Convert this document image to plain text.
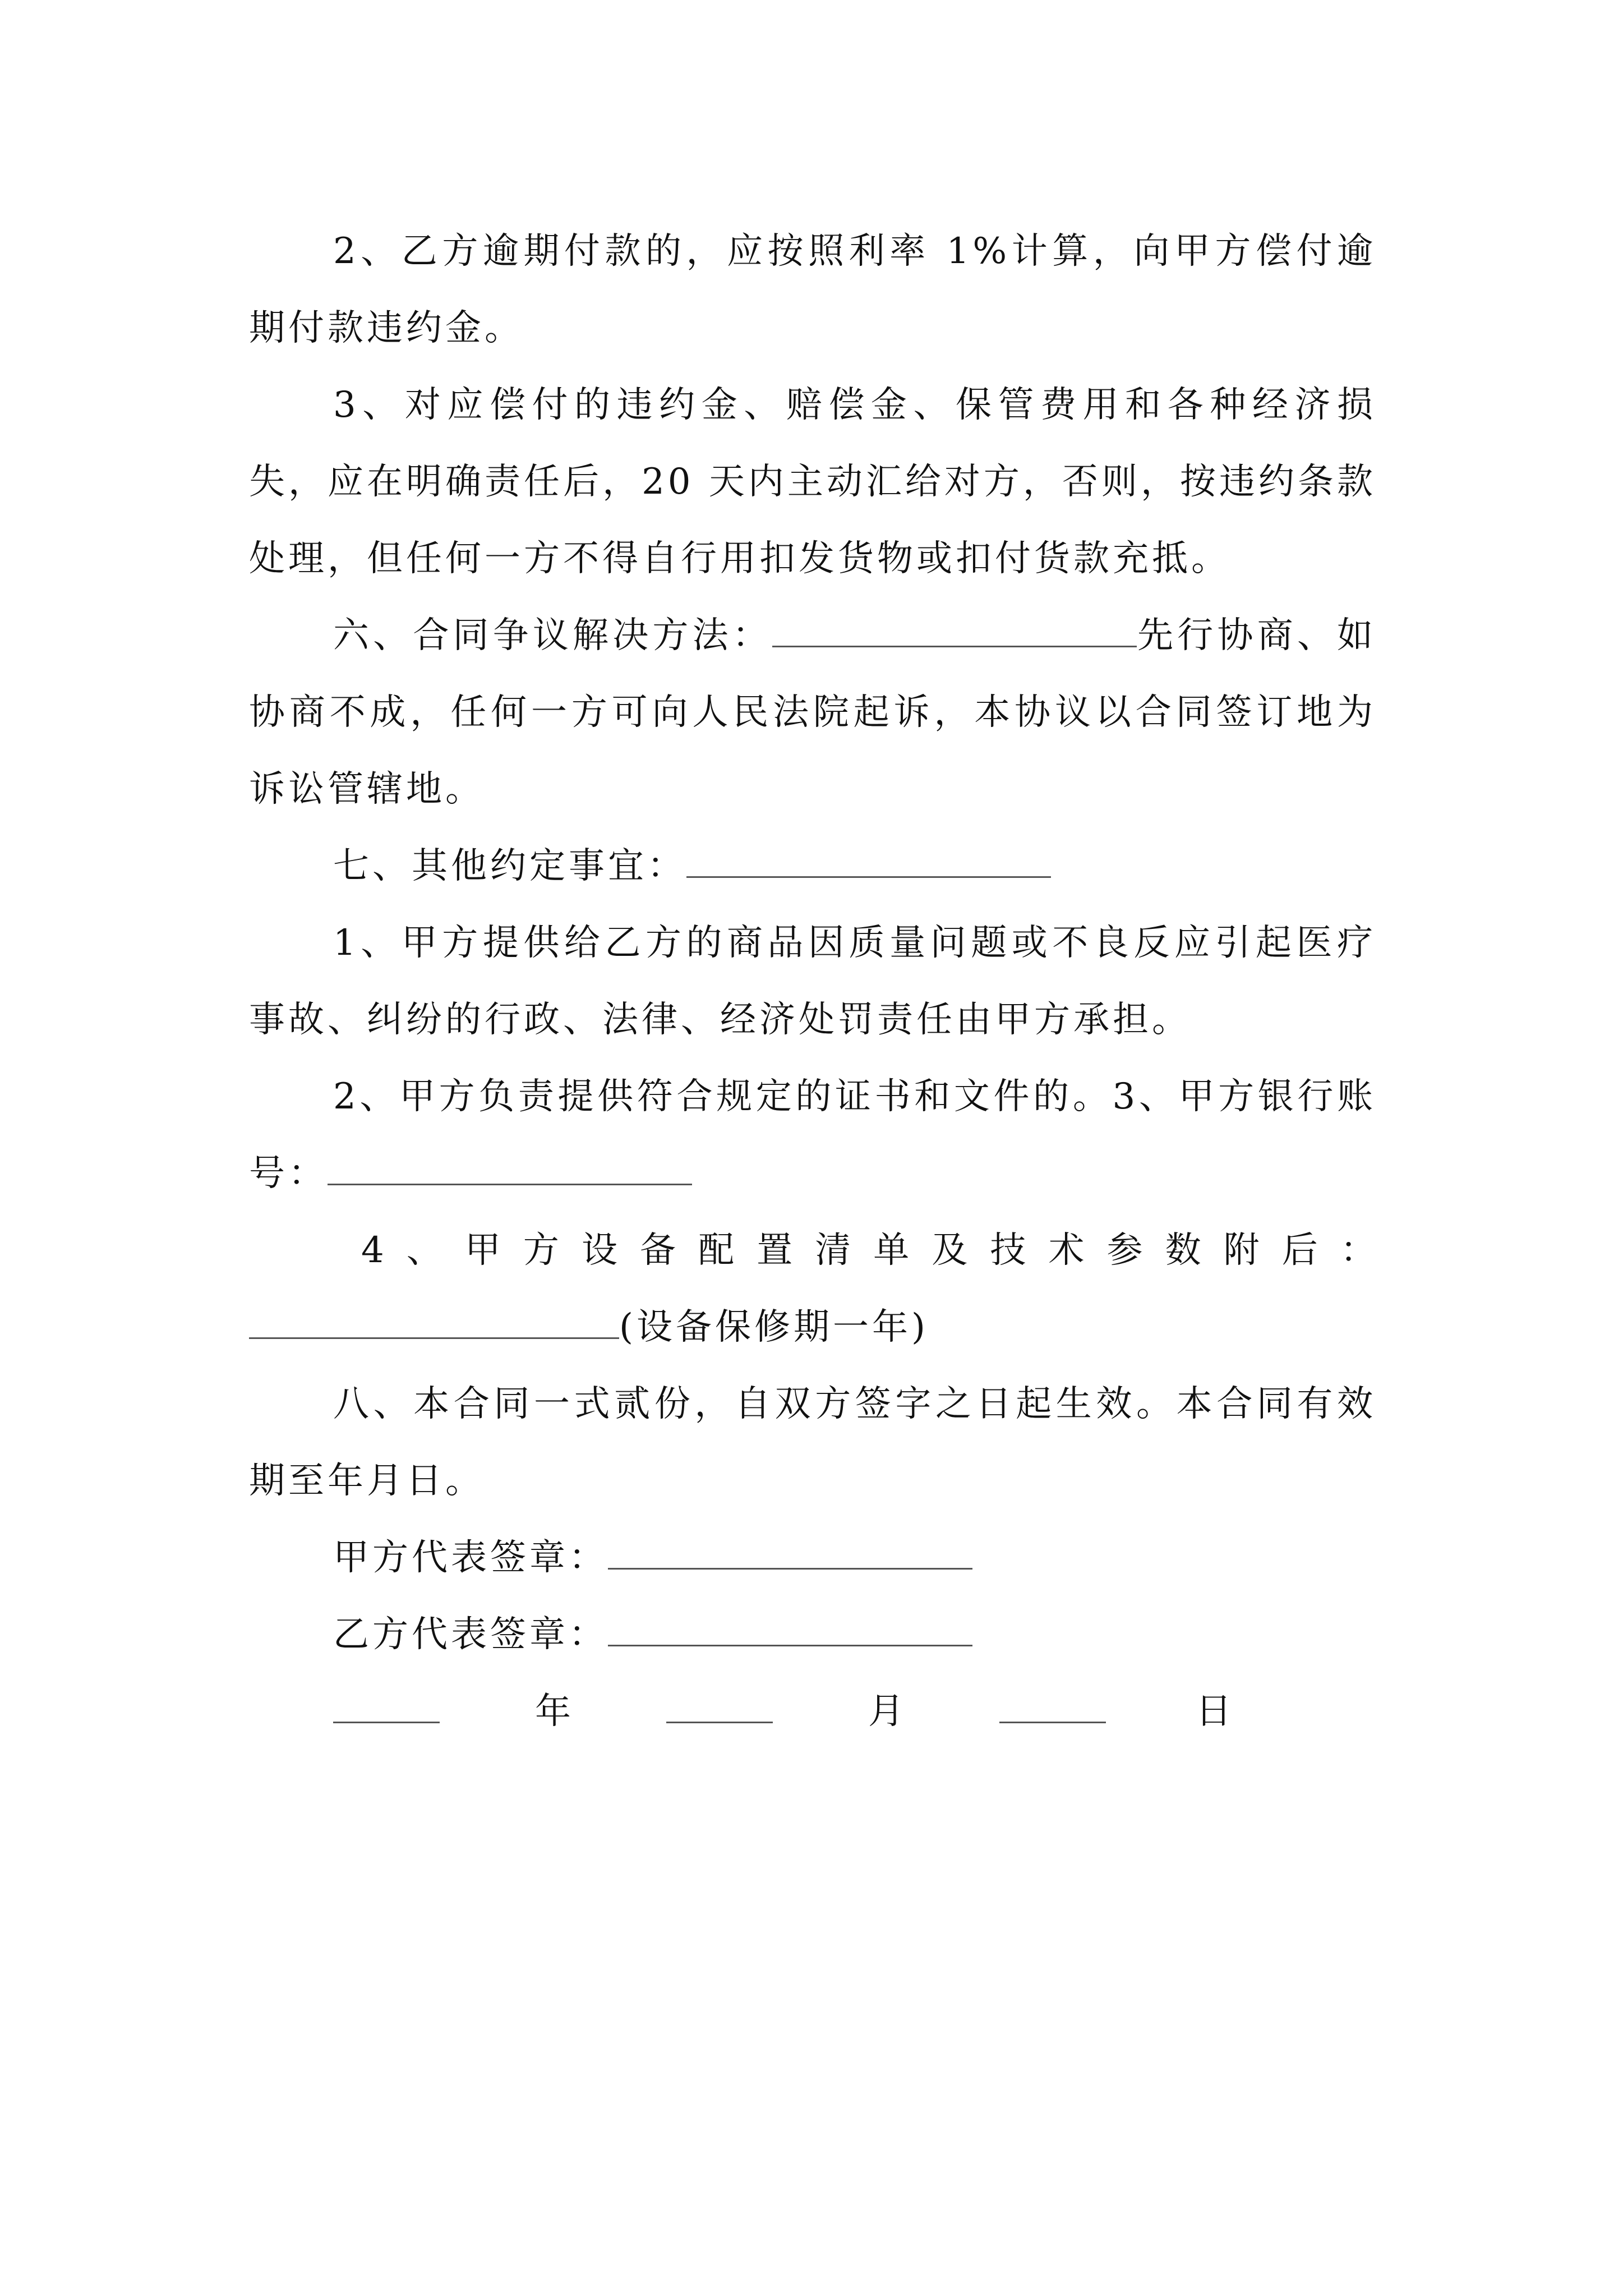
2、乙方逾期付款的，应按照利率 1%计算，向甲方偿付逾期付款违约金。

3、对应偿付的违约金、赔偿金、保管费用和各种经济损失，应在明确责任后，20 天内主动汇给对方，否则，按违约条款处理，但任何一方不得自行用扣发货物或扣付货款充抵。

六、合同争议解决方法：	先行协商、如协商不成，任何一方可向人民法院起诉，本协议以合同签订地为诉讼管辖地。

七、其他约定事宜：

1、甲方提供给乙方的商品因质量问题或不良反应引起医疗事故、纠纷的行政、法律、经济处罚责任由甲方承担。

2、甲方负责提供符合规定的证书和文件的。3、甲方银行账号：

4 、 甲 方 设 备 配 置 清 单 及 技 术 参 数 附 后 ：
(设备保修期一年)

八、本合同一式贰份，自双方签字之日起生效。本合同有效期至年月日。

甲方代表签章：
乙方代表签章：
年	月	日
